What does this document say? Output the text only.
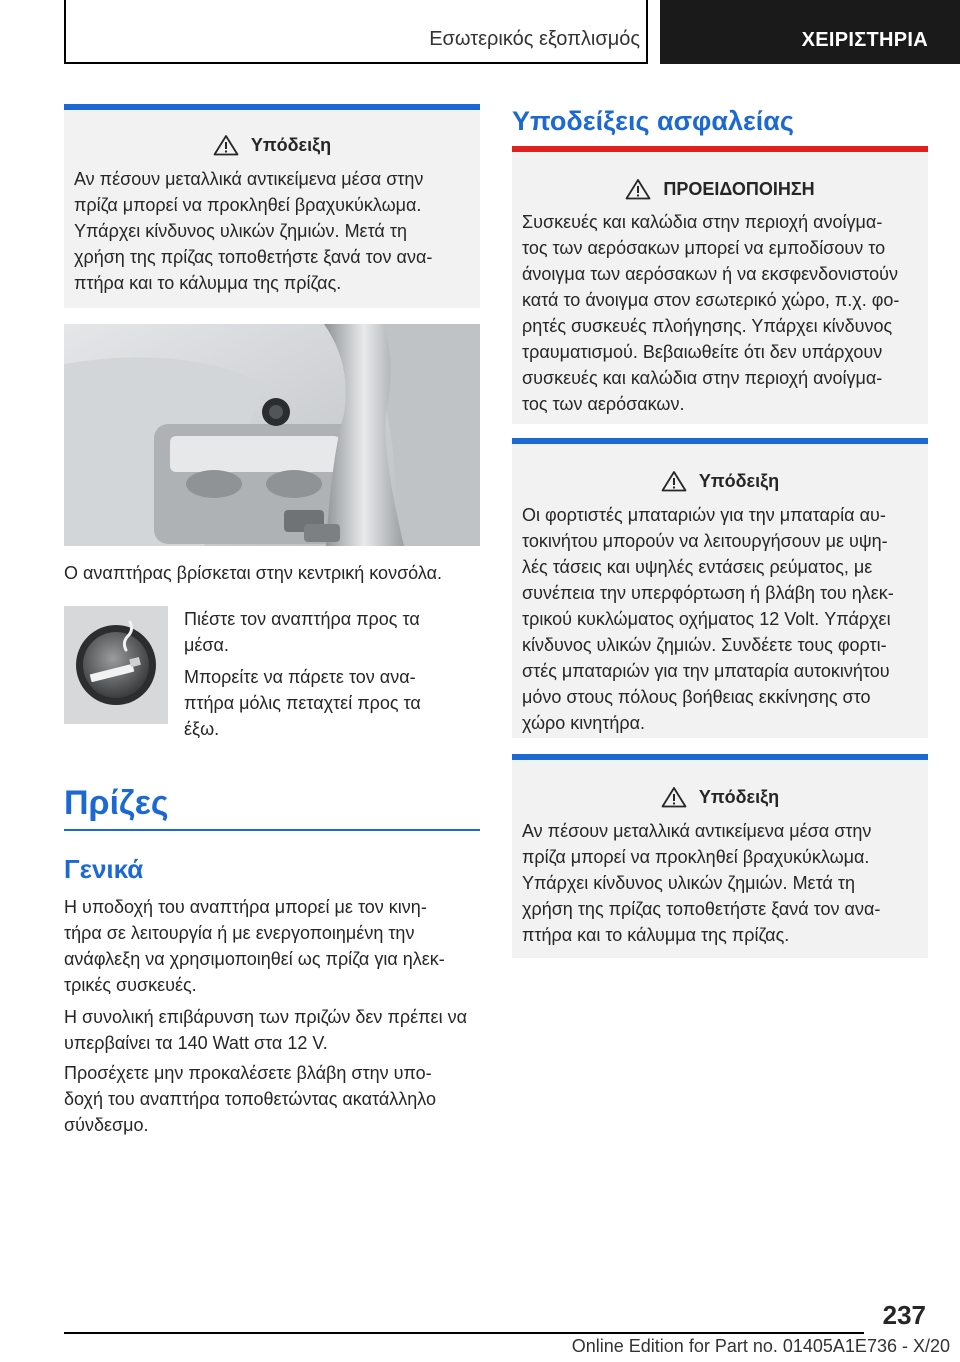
Εσωτερικός εξοπλισμός	ΧΕΙΡΙΣΤΗΡΙΑ
Υπόδειξη
Αν πέσουν μεταλλικά αντικείμενα μέσα στην
πρίζα μπορεί να προκληθεί βραχυκύκλωμα.
Υπάρχει κίνδυνος υλικών ζημιών. Μετά τη
χρήση της πρίζας τοποθετήστε ξανά τον ανα-
πτήρα και το κάλυμμα της πρίζας.
Ο αναπτήρας βρίσκεται στην κεντρική κονσόλα.
Πιέστε τον αναπτήρα προς τα
μέσα.
Μπορείτε να πάρετε τον ανα-
πτήρα μόλις πεταχτεί προς τα
έξω.
Πρίζες
Γενικά
Η υποδοχή του αναπτήρα μπορεί με τον κινη-
τήρα σε λειτουργία ή με ενεργοποιημένη την
ανάφλεξη να χρησιμοποιηθεί ως πρίζα για ηλεκ-
τρικές συσκευές.
Η συνολική επιβάρυνση των πριζών δεν πρέπει να
υπερβαίνει τα 140 Watt στα 12 V.
Προσέχετε μην προκαλέσετε βλάβη στην υπο-
δοχή του αναπτήρα τοποθετώντας ακατάλληλο
σύνδεσμο.
Υποδείξεις ασφαλείας
ΠΡΟΕΙΔΟΠΟΙΗΣΗ
Συσκευές και καλώδια στην περιοχή ανοίγμα-
τος των αερόσακων μπορεί να εμποδίσουν το
άνοιγμα των αερόσακων ή να εκσφενδονιστούν
κατά το άνοιγμα στον εσωτερικό χώρο, π.χ. φο-
ρητές συσκευές πλοήγησης. Υπάρχει κίνδυνος
τραυματισμού. Βεβαιωθείτε ότι δεν υπάρχουν
συσκευές και καλώδια στην περιοχή ανοίγμα-
τος των αερόσακων.
Υπόδειξη
Οι φορτιστές μπαταριών για την μπαταρία αυ-
τοκινήτου μπορούν να λειτουργήσουν με υψη-
λές τάσεις και υψηλές εντάσεις ρεύματος, με
συνέπεια την υπερφόρτωση ή βλάβη του ηλεκ-
τρικού κυκλώματος οχήματος 12 Volt. Υπάρχει
κίνδυνος υλικών ζημιών. Συνδέετε τους φορτι-
στές μπαταριών για την μπαταρία αυτοκινήτου
μόνο στους πόλους βοήθειας εκκίνησης στο
χώρο κινητήρα.
Υπόδειξη
Αν πέσουν μεταλλικά αντικείμενα μέσα στην
πρίζα μπορεί να προκληθεί βραχυκύκλωμα.
Υπάρχει κίνδυνος υλικών ζημιών. Μετά τη
χρήση της πρίζας τοποθετήστε ξανά τον ανα-
πτήρα και το κάλυμμα της πρίζας.
237
Online Edition for Part no. 01405A1E736 - X/20
